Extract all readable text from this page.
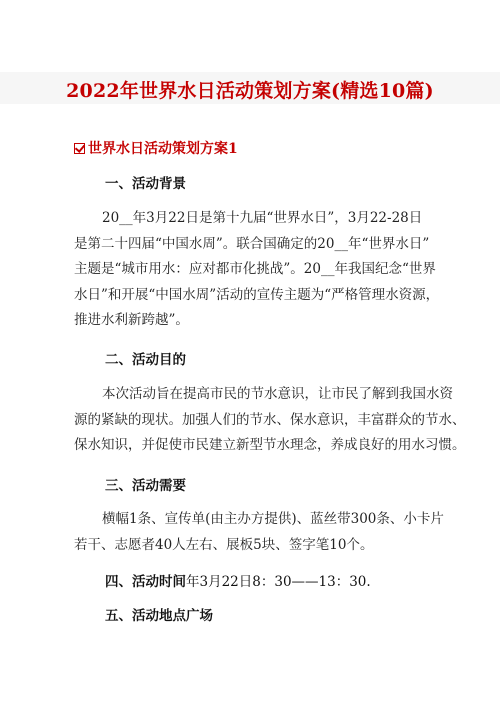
2022年世界水日活动策划方案(精选10篇)
世界水日活动策划方案1
一、活动背景
20__年3月22日是第十九届“世界水日”，3月22-28日
是第二十四届“中国水周”。联合国确定的20__年“世界水日”
主题是“城市用水：应对都市化挑战”。20__年我国纪念“世界
水日”和开展“中国水周”活动的宣传主题为“严格管理水资源，
推进水利新跨越”。
二、活动目的
本次活动旨在提高市民的节水意识，让市民了解到我国水资
源的紧缺的现状。加强人们的节水、保水意识，丰富群众的节水、
保水知识，并促使市民建立新型节水理念，养成良好的用水习惯。
三、活动需要
横幅1条、宣传单(由主办方提供)、蓝丝带300条、小卡片
若干、志愿者40人左右、展板5块、签字笔10个。
四、活动时间年3月22日8：30——13：30.
五、活动地点广场
